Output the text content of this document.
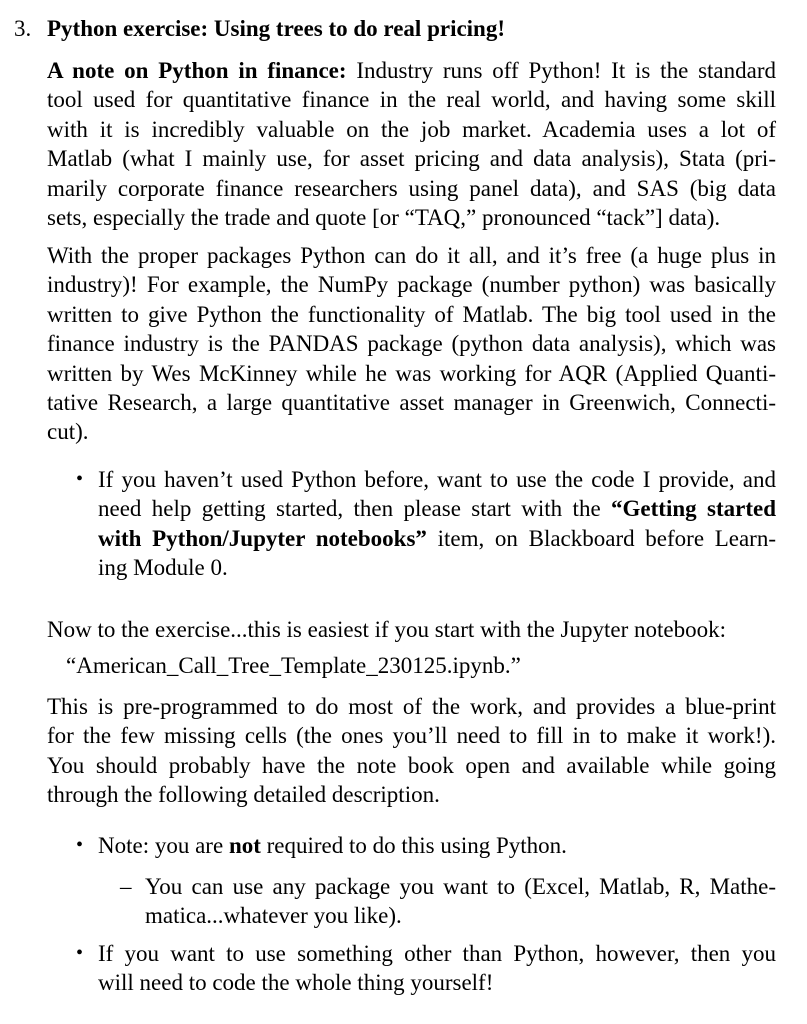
3. Python exercise: Using trees to do real pricing!
A note on Python in finance: Industry runs off Python! It is the standard
tool used for quantitative finance in the real world, and having some skill
with it is incredibly valuable on the job market. Academia uses a lot of
Matlab (what I mainly use, for asset pricing and data analysis), Stata (pri-
marily corporate finance researchers using panel data), and SAS (big data
sets, especially the trade and quote [or “TAQ,” pronounced “tack”] data).
With the proper packages Python can do it all, and it’s free (a huge plus in
industry)! For example, the NumPy package (number python) was basically
written to give Python the functionality of Matlab. The big tool used in the
finance industry is the PANDAS package (python data analysis), which was
written by Wes McKinney while he was working for AQR (Applied Quanti-
tative Research, a large quantitative asset manager in Greenwich, Connecti-
cut).
• If you haven’t used Python before, want to use the code I provide, and
need help getting started, then please start with the “Getting started
with Python/Jupyter notebooks” item, on Blackboard before Learn-
ing Module 0.
Now to the exercise...this is easiest if you start with the Jupyter notebook:
“American_Call_Tree_Template_230125.ipynb.”
This is pre-programmed to do most of the work, and provides a blue-print
for the few missing cells (the ones you’ll need to fill in to make it work!).
You should probably have the note book open and available while going
through the following detailed description.
• Note: you are not required to do this using Python.
– You can use any package you want to (Excel, Matlab, R, Mathe-
matica...whatever you like).
• If you want to use something other than Python, however, then you
will need to code the whole thing yourself!
